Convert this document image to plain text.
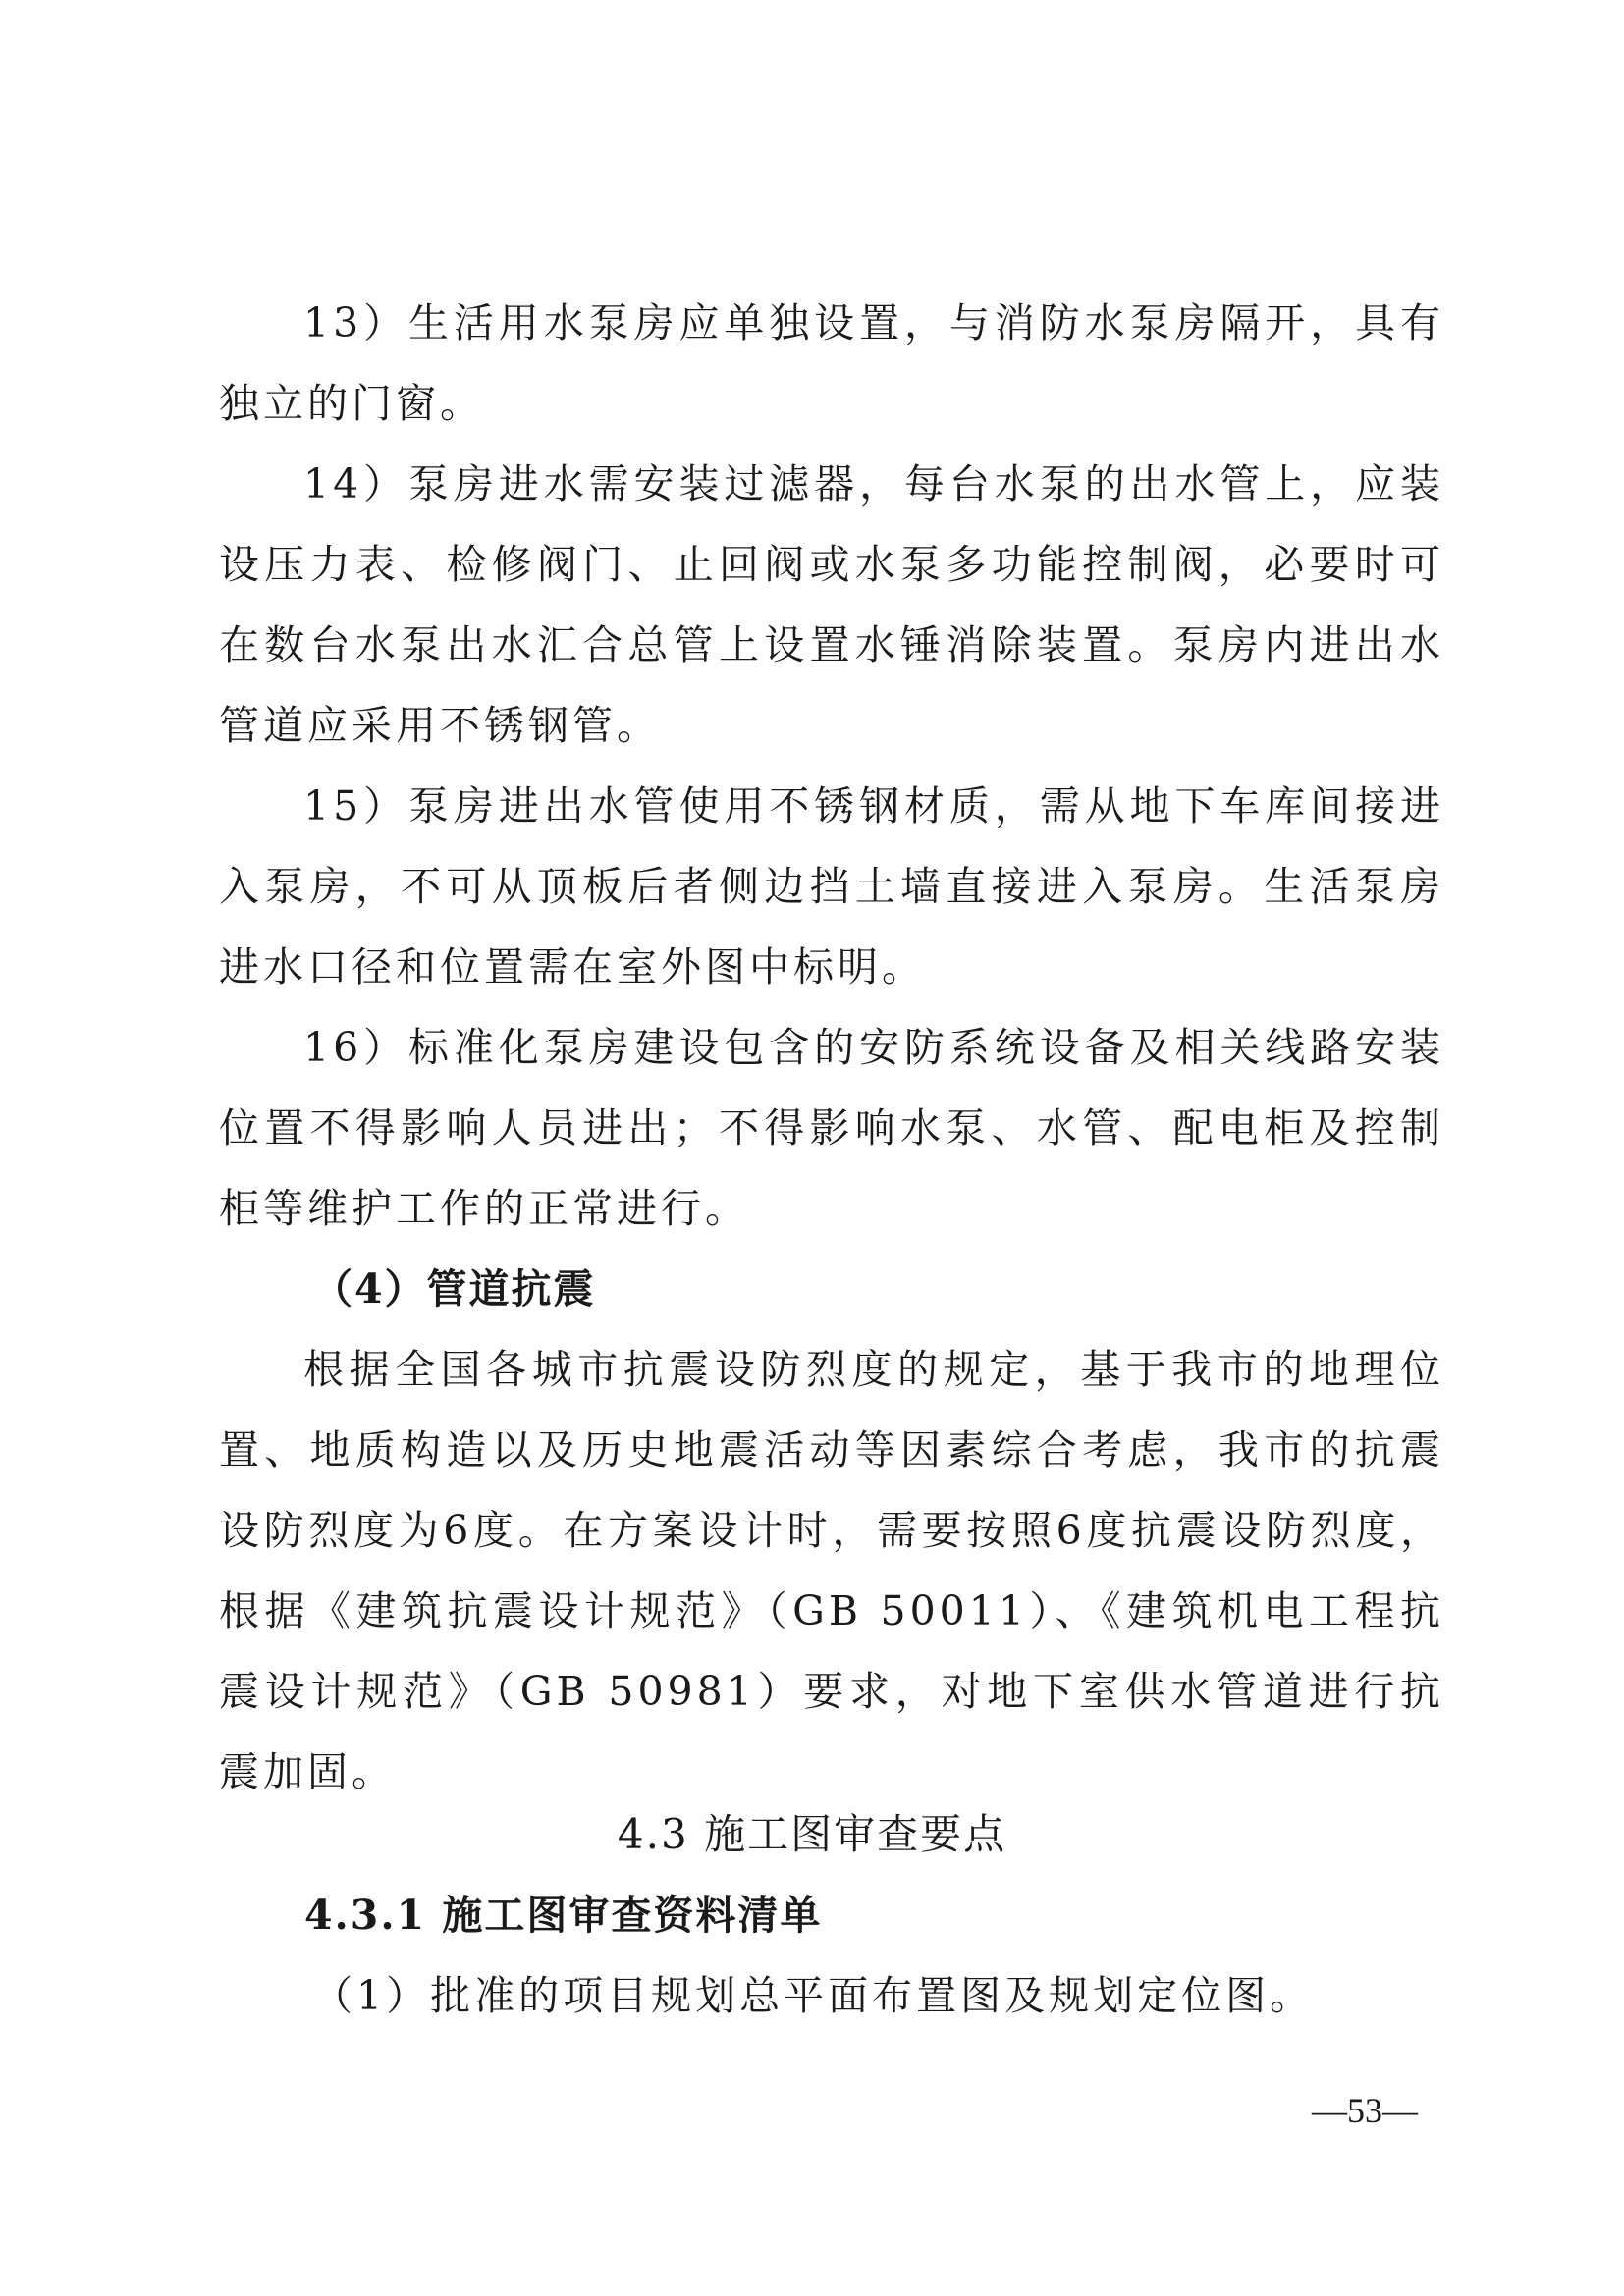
13）生活用水泵房应单独设置，与消防水泵房隔开，具有独立的门窗。

14）泵房进水需安装过滤器，每台水泵的出水管上，应装设压力表、检修阀门、止回阀或水泵多功能控制阀，必要时可在数台水泵出水汇合总管上设置水锤消除装置。泵房内进出水管道应采用不锈钢管。

15）泵房进出水管使用不锈钢材质，需从地下车库间接进入泵房，不可从顶板后者侧边挡土墙直接进入泵房。生活泵房进水口径和位置需在室外图中标明。

16）标准化泵房建设包含的安防系统设备及相关线路安装位置不得影响人员进出；不得影响水泵、水管、配电柜及控制柜等维护工作的正常进行。

（4）管道抗震

根据全国各城市抗震设防烈度的规定，基于我市的地理位置、地质构造以及历史地震活动等因素综合考虑，我市的抗震设防烈度为6度。在方案设计时，需要按照6度抗震设防烈度，根据《建筑抗震设计规范》（GB 50011）、《建筑机电工程抗震设计规范》（GB 50981）要求，对地下室供水管道进行抗震加固。

4.3 施工图审查要点

4.3.1 施工图审查资料清单

（1）批准的项目规划总平面布置图及规划定位图。

—53—
